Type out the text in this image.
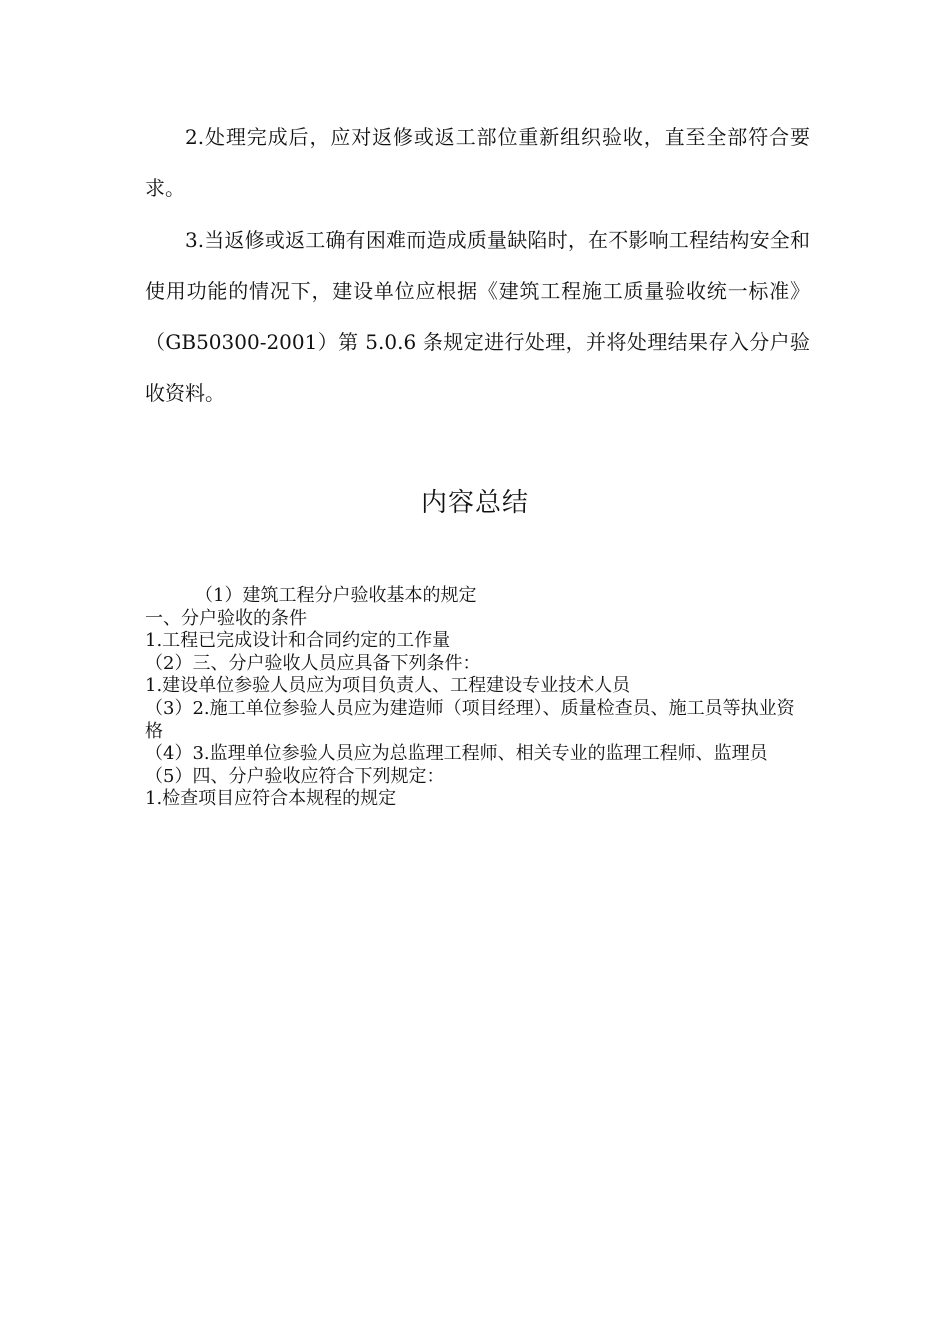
2.处理完成后，应对返修或返工部位重新组织验收，直至全部符合要求。

3.当返修或返工确有困难而造成质量缺陷时，在不影响工程结构安全和使用功能的情况下，建设单位应根据《建筑工程施工质量验收统一标准》（GB50300-2001）第 5.0.6 条规定进行处理，并将处理结果存入分户验收资料。

内容总结
（1）建筑工程分户验收基本的规定
一、分户验收的条件
1.工程已完成设计和合同约定的工作量
（2）三、分户验收人员应具备下列条件：
1.建设单位参验人员应为项目负责人、工程建设专业技术人员
（3）2.施工单位参验人员应为建造师（项目经理）、质量检查员、施工员等执业资格
（4）3.监理单位参验人员应为总监理工程师、相关专业的监理工程师、监理员
（5）四、分户验收应符合下列规定：
1.检查项目应符合本规程的规定
